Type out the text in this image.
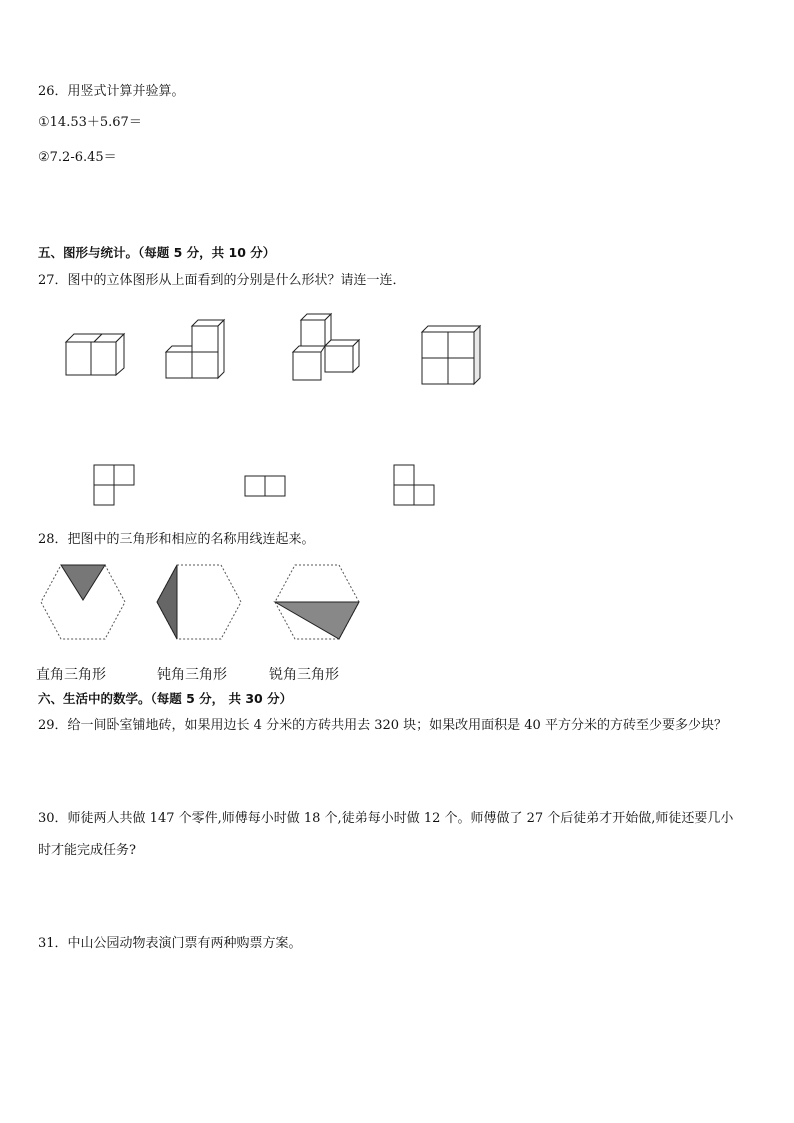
26．用竖式计算并验算。
①14.53＋5.67＝
②7.2-6.45＝
五、图形与统计。（每题 5 分，共 10 分）
27．图中的立体图形从上面看到的分别是什么形状？请连一连．
28．把图中的三角形和相应的名称用线连起来。
直角三角形	钝角三角形	锐角三角形
六、生活中的数学。（每题 5 分， 共 30 分）
29．给一间卧室铺地砖，如果用边长 4 分米的方砖共用去 320 块；如果改用面积是 40 平方分米的方砖至少要多少块？
30．师徒两人共做 147 个零件,师傅每小时做 18 个,徒弟每小时做 12 个。师傅做了 27 个后徒弟才开始做,师徒还要几小
时才能完成任务?
31．中山公园动物表演门票有两种购票方案。
